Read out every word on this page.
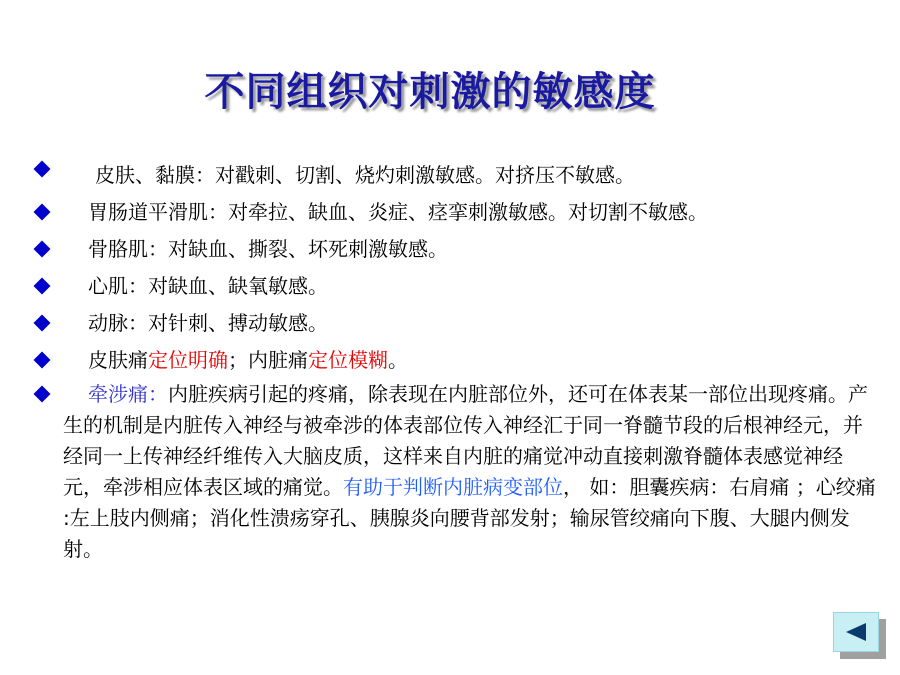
不同组织对刺激的敏感度
皮肤、黏膜：对戳刺、切割、烧灼刺激敏感。对挤压不敏感。
胃肠道平滑肌：对牵拉、缺血、炎症、痉挛刺激敏感。对切割不敏感。
骨胳肌：对缺血、撕裂、坏死刺激敏感。
心肌：对缺血、缺氧敏感。
动脉：对针刺、搏动敏感。
皮肤痛定位明确；内脏痛定位模糊。
牵涉痛：内脏疾病引起的疼痛，除表现在内脏部位外，还可在体表某一部位出现疼痛。产生的机制是内脏传入神经与被牵涉的体表部位传入神经汇于同一脊髓节段的后根神经元，并经同一上传神经纤维传入大脑皮质，这样来自内脏的痛觉冲动直接刺激脊髓体表感觉神经元，牵涉相应体表区域的痛觉。有助于判断内脏病变部位， 如：胆囊疾病：右肩痛 ；心绞痛 :左上肢内侧痛；消化性溃疡穿孔、胰腺炎向腰背部发射；输尿管绞痛向下腹、大腿内侧发射。
